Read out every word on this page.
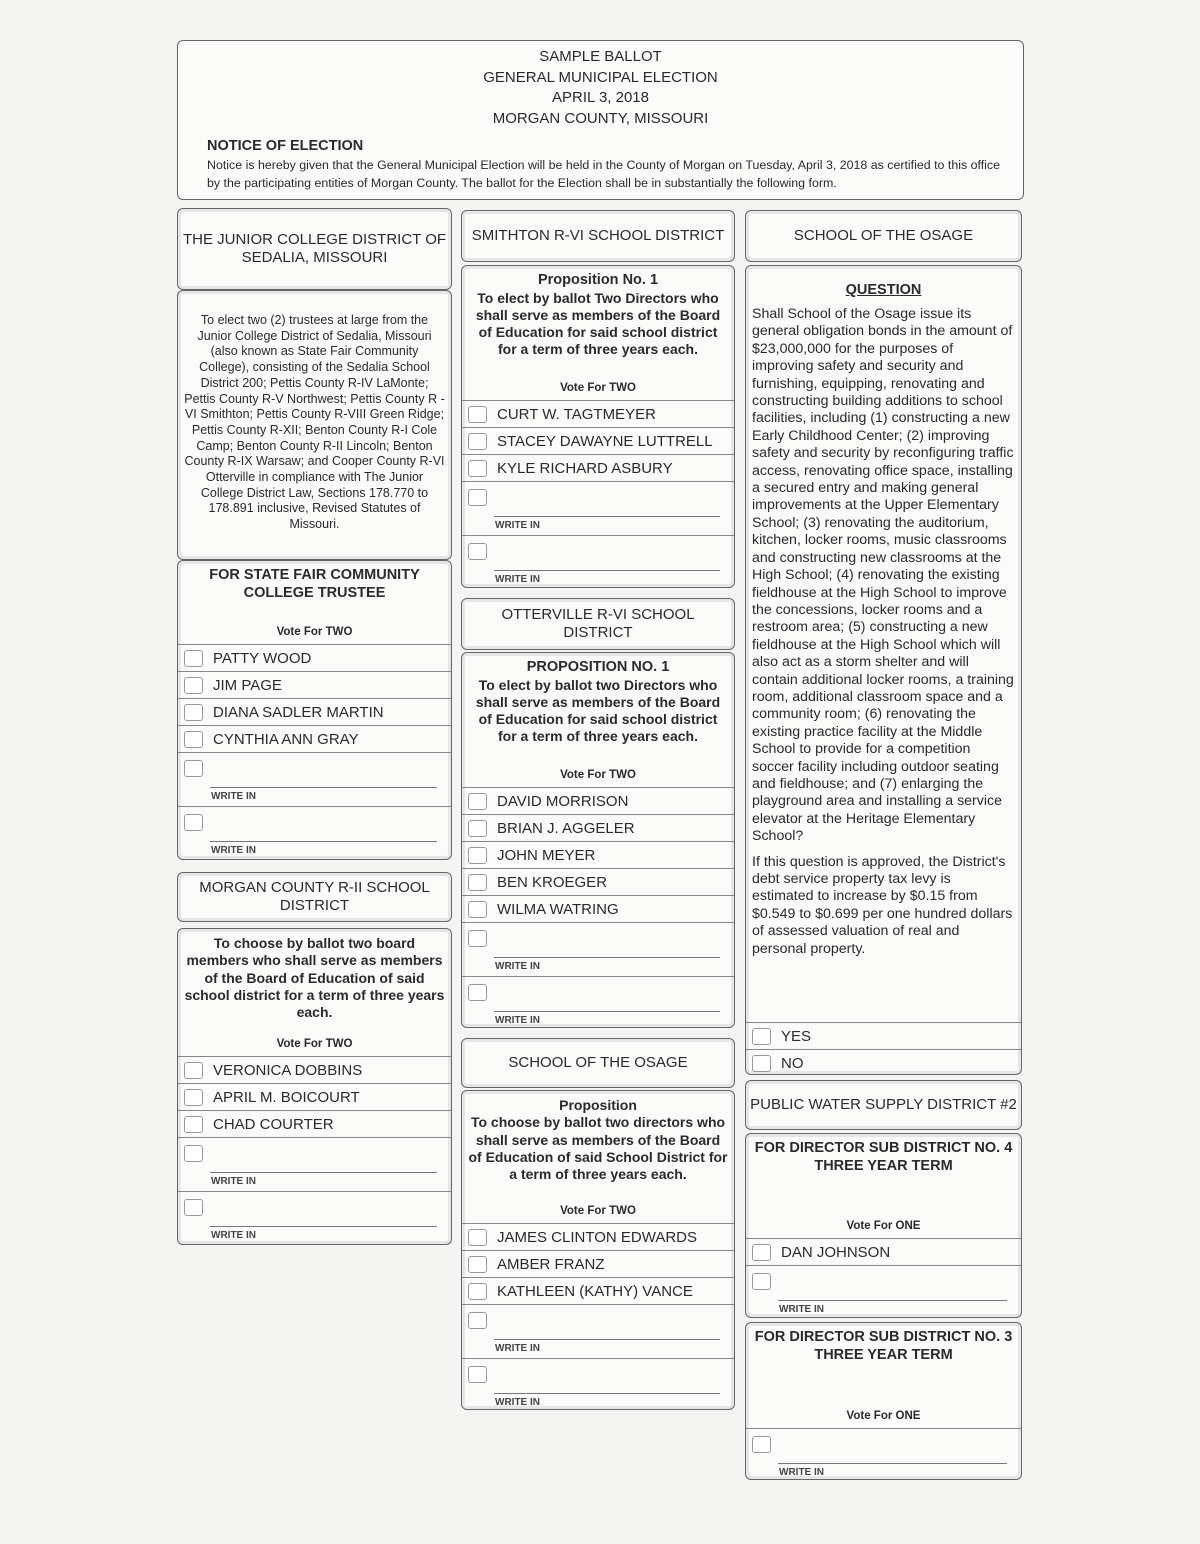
SAMPLE BALLOT
GENERAL MUNICIPAL ELECTION
APRIL 3, 2018
MORGAN COUNTY, MISSOURI
NOTICE OF ELECTION
Notice is hereby given that the General Municipal Election will be held in the County of Morgan on Tuesday, April 3, 2018 as certified to this office by the participating entities of Morgan County. The ballot for the Election shall be in substantially the following form.
THE JUNIOR COLLEGE DISTRICT OF SEDALIA, MISSOURI
To elect two (2) trustees at large from the Junior College District of Sedalia, Missouri (also known as State Fair Community College), consisting of the Sedalia School District 200; Pettis County R-IV LaMonte; Pettis County R-V Northwest; Pettis County R -VI Smithton; Pettis County R-VIII Green Ridge; Pettis County R-XII; Benton County R-I Cole Camp; Benton County R-II Lincoln; Benton County R-IX Warsaw; and Cooper County R-VI Otterville in compliance with The Junior College District Law, Sections 178.770 to 178.891 inclusive, Revised Statutes of Missouri.
FOR STATE FAIR COMMUNITY COLLEGE TRUSTEE
Vote For TWO
PATTY WOOD
JIM PAGE
DIANA SADLER MARTIN
CYNTHIA ANN GRAY
WRITE IN
WRITE IN
MORGAN COUNTY R-II SCHOOL DISTRICT
To choose by ballot two board members who shall serve as members of the Board of Education of said school district for a term of three years each.
Vote For TWO
VERONICA DOBBINS
APRIL M. BOICOURT
CHAD COURTER
WRITE IN
WRITE IN
SMITHTON R-VI SCHOOL DISTRICT
Proposition No. 1
To elect by ballot Two Directors who shall serve as members of the Board of Education for said school district for a term of three years each.
Vote For TWO
CURT W. TAGTMEYER
STACEY DAWAYNE LUTTRELL
KYLE RICHARD ASBURY
WRITE IN
WRITE IN
OTTERVILLE R-VI SCHOOL DISTRICT
PROPOSITION NO. 1
To elect by ballot two Directors who shall serve as members of the Board of Education for said school district for a term of three years each.
Vote For TWO
DAVID MORRISON
BRIAN J. AGGELER
JOHN MEYER
BEN KROEGER
WILMA WATRING
WRITE IN
WRITE IN
SCHOOL OF THE OSAGE
Proposition
To choose by ballot two directors who shall serve as members of the Board of Education of said School District for a term of three years each.
Vote For TWO
JAMES CLINTON EDWARDS
AMBER FRANZ
KATHLEEN (KATHY) VANCE
WRITE IN
WRITE IN
SCHOOL OF THE OSAGE
QUESTION
Shall School of the Osage issue its general obligation bonds in the amount of $23,000,000 for the purposes of improving safety and security and furnishing, equipping, renovating and constructing building additions to school facilities, including (1) constructing a new Early Childhood Center; (2) improving safety and security by reconfiguring traffic access, renovating office space, installing a secured entry and making general improvements at the Upper Elementary School; (3) renovating the auditorium, kitchen, locker rooms, music classrooms and constructing new classrooms at the High School; (4) renovating the existing fieldhouse at the High School to improve the concessions, locker rooms and a restroom area; (5) constructing a new fieldhouse at the High School which will also act as a storm shelter and will contain additional locker rooms, a training room, additional classroom space and a community room; (6) renovating the existing practice facility at the Middle School to provide for a competition soccer facility including outdoor seating and fieldhouse; and (7) enlarging the playground area and installing a service elevator at the Heritage Elementary School?
If this question is approved, the District's debt service property tax levy is estimated to increase by $0.15 from $0.549 to $0.699 per one hundred dollars of assessed valuation of real and personal property.
YES
NO
PUBLIC WATER SUPPLY DISTRICT #2
FOR DIRECTOR SUB DISTRICT NO. 4 THREE YEAR TERM
Vote For ONE
DAN JOHNSON
WRITE IN
FOR DIRECTOR SUB DISTRICT NO. 3 THREE YEAR TERM
Vote For ONE
WRITE IN
